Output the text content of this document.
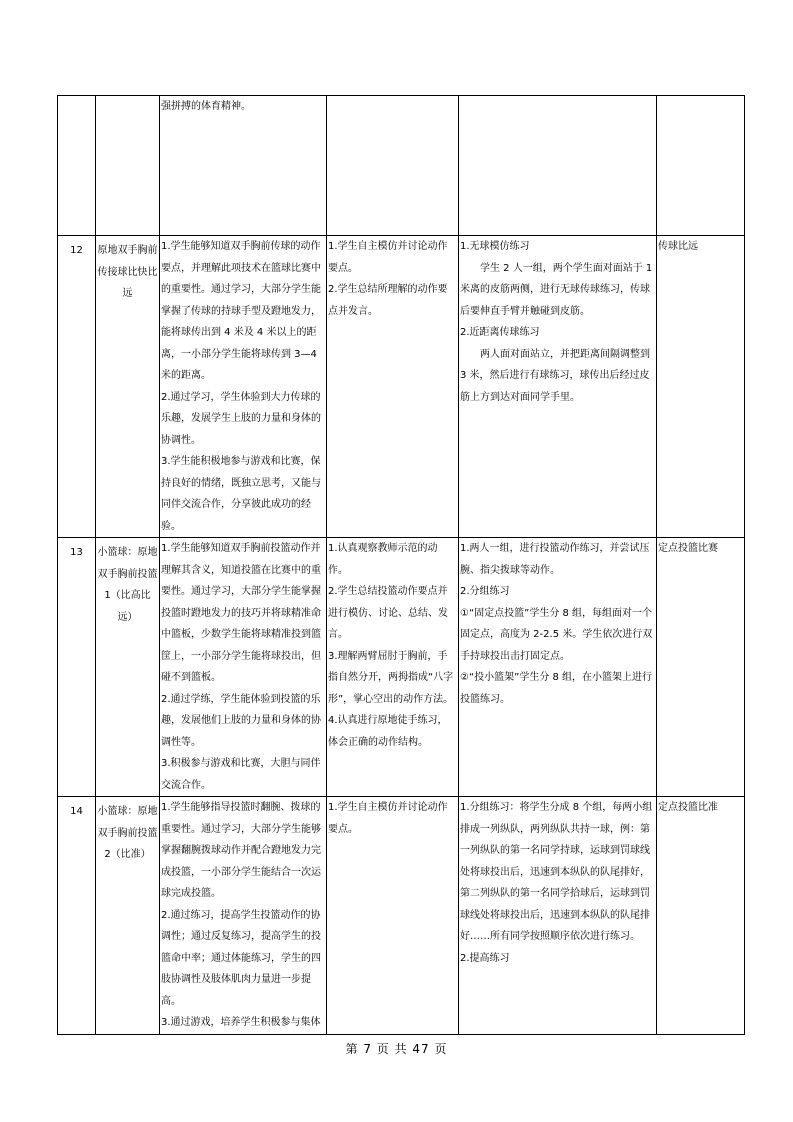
		强拼搏的体育精神。			

12	原地双手胸前传接球比快比远	1.学生能够知道双手胸前传球的动作要点，并理解此项技术在篮球比赛中的重要性。通过学习，大部分学生能掌握了传球的持球手型及蹬地发力，能将球传出到 4 米及 4 米以上的距离，一小部分学生能将球传到 3—4 米的距离。
2.通过学习，学生体验到大力传球的乐趣，发展学生上肢的力量和身体的协调性。
3.学生能积极地参与游戏和比赛，保持良好的情绪，既独立思考，又能与同伴交流合作，分享彼此成功的经验。	1.学生自主模仿并讨论动作要点。
2.学生总结所理解的动作要点并发言。	1.无球模仿练习
学生 2 人一组，两个学生面对面站于 1 米离的皮筋两侧，进行无球传球练习，传球后要伸直手臂并触碰到皮筋。
2.近距离传球练习
两人面对面站立，并把距离间隔调整到 3 米，然后进行有球练习，球传出后经过皮筋上方到达对面同学手里。	传球比远
13	小篮球：原地双手胸前投篮 1（比高比远）	1.学生能够知道双手胸前投篮动作并理解其含义，知道投篮在比赛中的重要性。通过学习，大部分学生能掌握投篮时蹬地发力的技巧并将球精准命中篮板，少数学生能将球精准投到篮筐上，一小部分学生能将球投出，但碰不到篮板。
2.通过学练，学生能体验到投篮的乐趣，发展他们上肢的力量和身体的协调性等。
3.积极参与游戏和比赛，大胆与同伴交流合作。	1.认真观察教师示范的动作。
2.学生总结投篮动作要点并进行模仿、讨论、总结、发言。
3.理解两臂屈肘于胸前，手指自然分开，两拇指成“八字形”，掌心空出的动作方法。
4.认真进行原地徒手练习，体会正确的动作结构。	1.两人一组，进行投篮动作练习，并尝试压腕、指尖拨球等动作。
2.分组练习
①“固定点投篮”学生分 8 组，每组面对一个固定点，高度为 2-2.5 米。学生依次进行双手持球投出击打固定点。
②“投小篮架”学生分 8 组，在小篮架上进行投篮练习。	定点投篮比赛
14	小篮球：原地双手胸前投篮 2（比准）	1.学生能够指导投篮时翻腕、拨球的重要性。通过学习，大部分学生能够掌握翻腕拨球动作并配合蹬地发力完成投篮，一小部分学生能结合一次运球完成投篮。
2.通过练习，提高学生投篮动作的协调性；通过反复练习，提高学生的投篮命中率；通过体能练习，学生的四肢协调性及肢体肌肉力量进一步提高。
3.通过游戏，培养学生积极参与集体	1.学生自主模仿并讨论动作要点。	1.分组练习：将学生分成 8 个组，每两小组排成一列纵队，两列纵队共持一球，例：第一列纵队的第一名同学持球，运球到罚球线处将球投出后，迅速到本纵队的队尾排好，第二列纵队的第一名同学拾球后，运球到罚球线处将球投出后，迅速到本纵队的队尾排好……所有同学按照顺序依次进行练习。
2.提高练习	定点投篮比准
第 7 页 共 47 页
